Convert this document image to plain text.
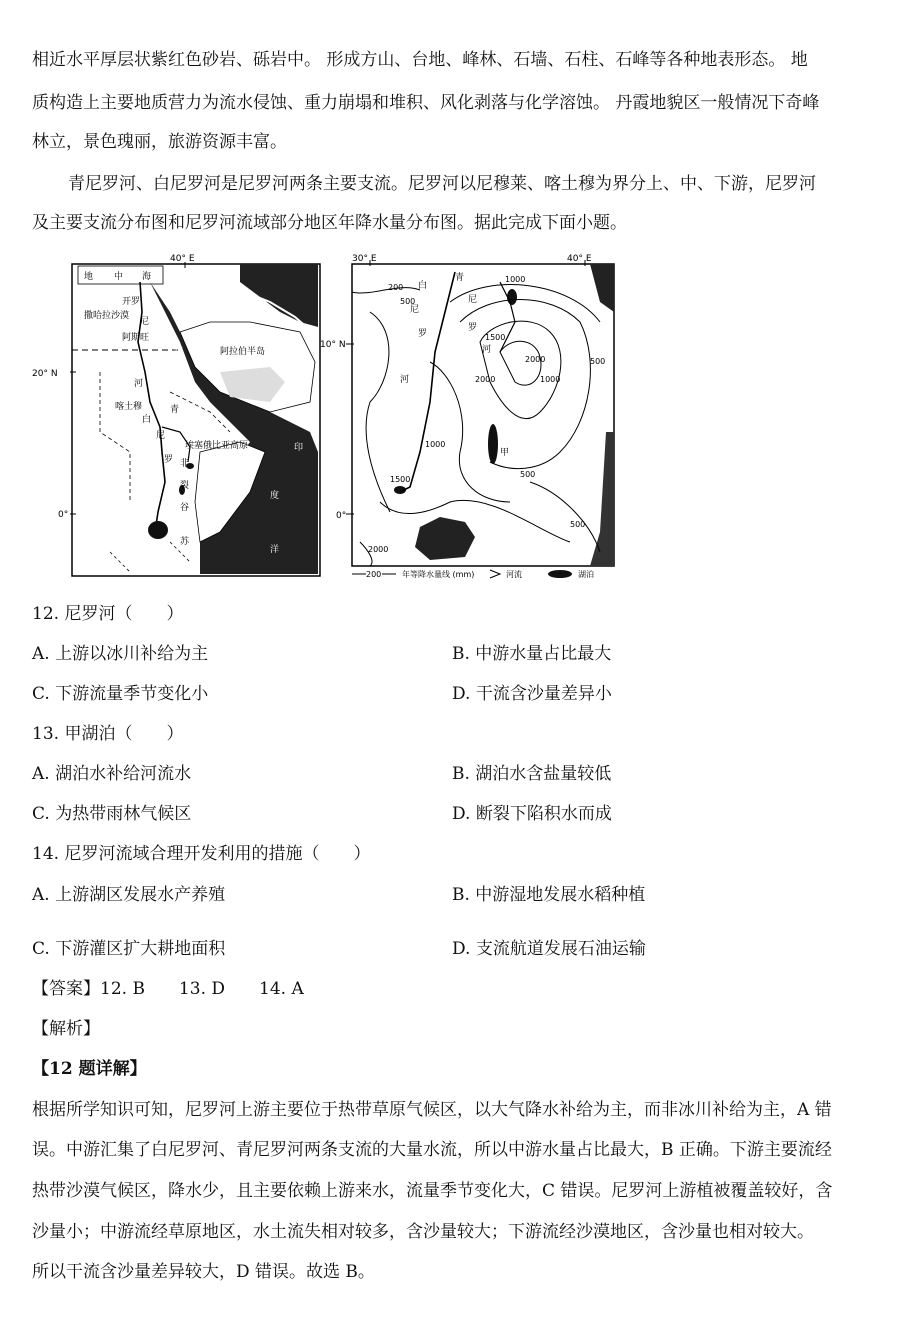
相近水平厚层状紫红色砂岩、砾岩中。 形成方山、台地、峰林、石墙、石柱、石峰等各种地表形态。 地
质构造上主要地质营力为流水侵蚀、重力崩塌和堆积、风化剥落与化学溶蚀。 丹霞地貌区一般情况下奇峰
林立，景色瑰丽，旅游资源丰富。
青尼罗河、白尼罗河是尼罗河两条主要支流。尼罗河以尼穆莱、喀土穆为界分上、中、下游，尼罗河
及主要支流分布图和尼罗河流域部分地区年降水量分布图。据此完成下面小题。
40° E
20° N
0°
地 中 海
开罗
撒哈拉沙漠
尼
阿斯旺
红	阿拉伯半岛
河
喀土穆
白
青
埃塞俄比亚高原
尼
罗 非
裂
谷
印
度
洋
苏
30° E	40° E
10° N
0°
白
尼
罗
河
青
尼
罗
河
甲
200
500
1000
1500
2000
2000
1000
500
1000
1500
500
2000
500
200	年等降水量线 (mm)	河流	湖泊
12. 尼罗河（　　）
A. 上游以冰川补给为主	B. 中游水量占比最大
C. 下游流量季节变化小	D. 干流含沙量差异小
13. 甲湖泊（　　）
A. 湖泊水补给河流水	B. 湖泊水含盐量较低
C. 为热带雨林气候区	D. 断裂下陷积水而成
14. 尼罗河流域合理开发利用的措施（　　）
A. 上游湖区发展水产养殖	B. 中游湿地发展水稻种植
C. 下游灌区扩大耕地面积	D. 支流航道发展石油运输
【答案】12. B　　13. D　　14. A
【解析】
【12 题详解】
根据所学知识可知，尼罗河上游主要位于热带草原气候区，以大气降水补给为主，而非冰川补给为主，A 错
误。中游汇集了白尼罗河、青尼罗河两条支流的大量水流，所以中游水量占比最大，B 正确。下游主要流经
热带沙漠气候区，降水少，且主要依赖上游来水，流量季节变化大，C 错误。尼罗河上游植被覆盖较好，含
沙量小；中游流经草原地区，水土流失相对较多，含沙量较大；下游流经沙漠地区，含沙量也相对较大。
所以干流含沙量差异较大，D 错误。故选 B。
